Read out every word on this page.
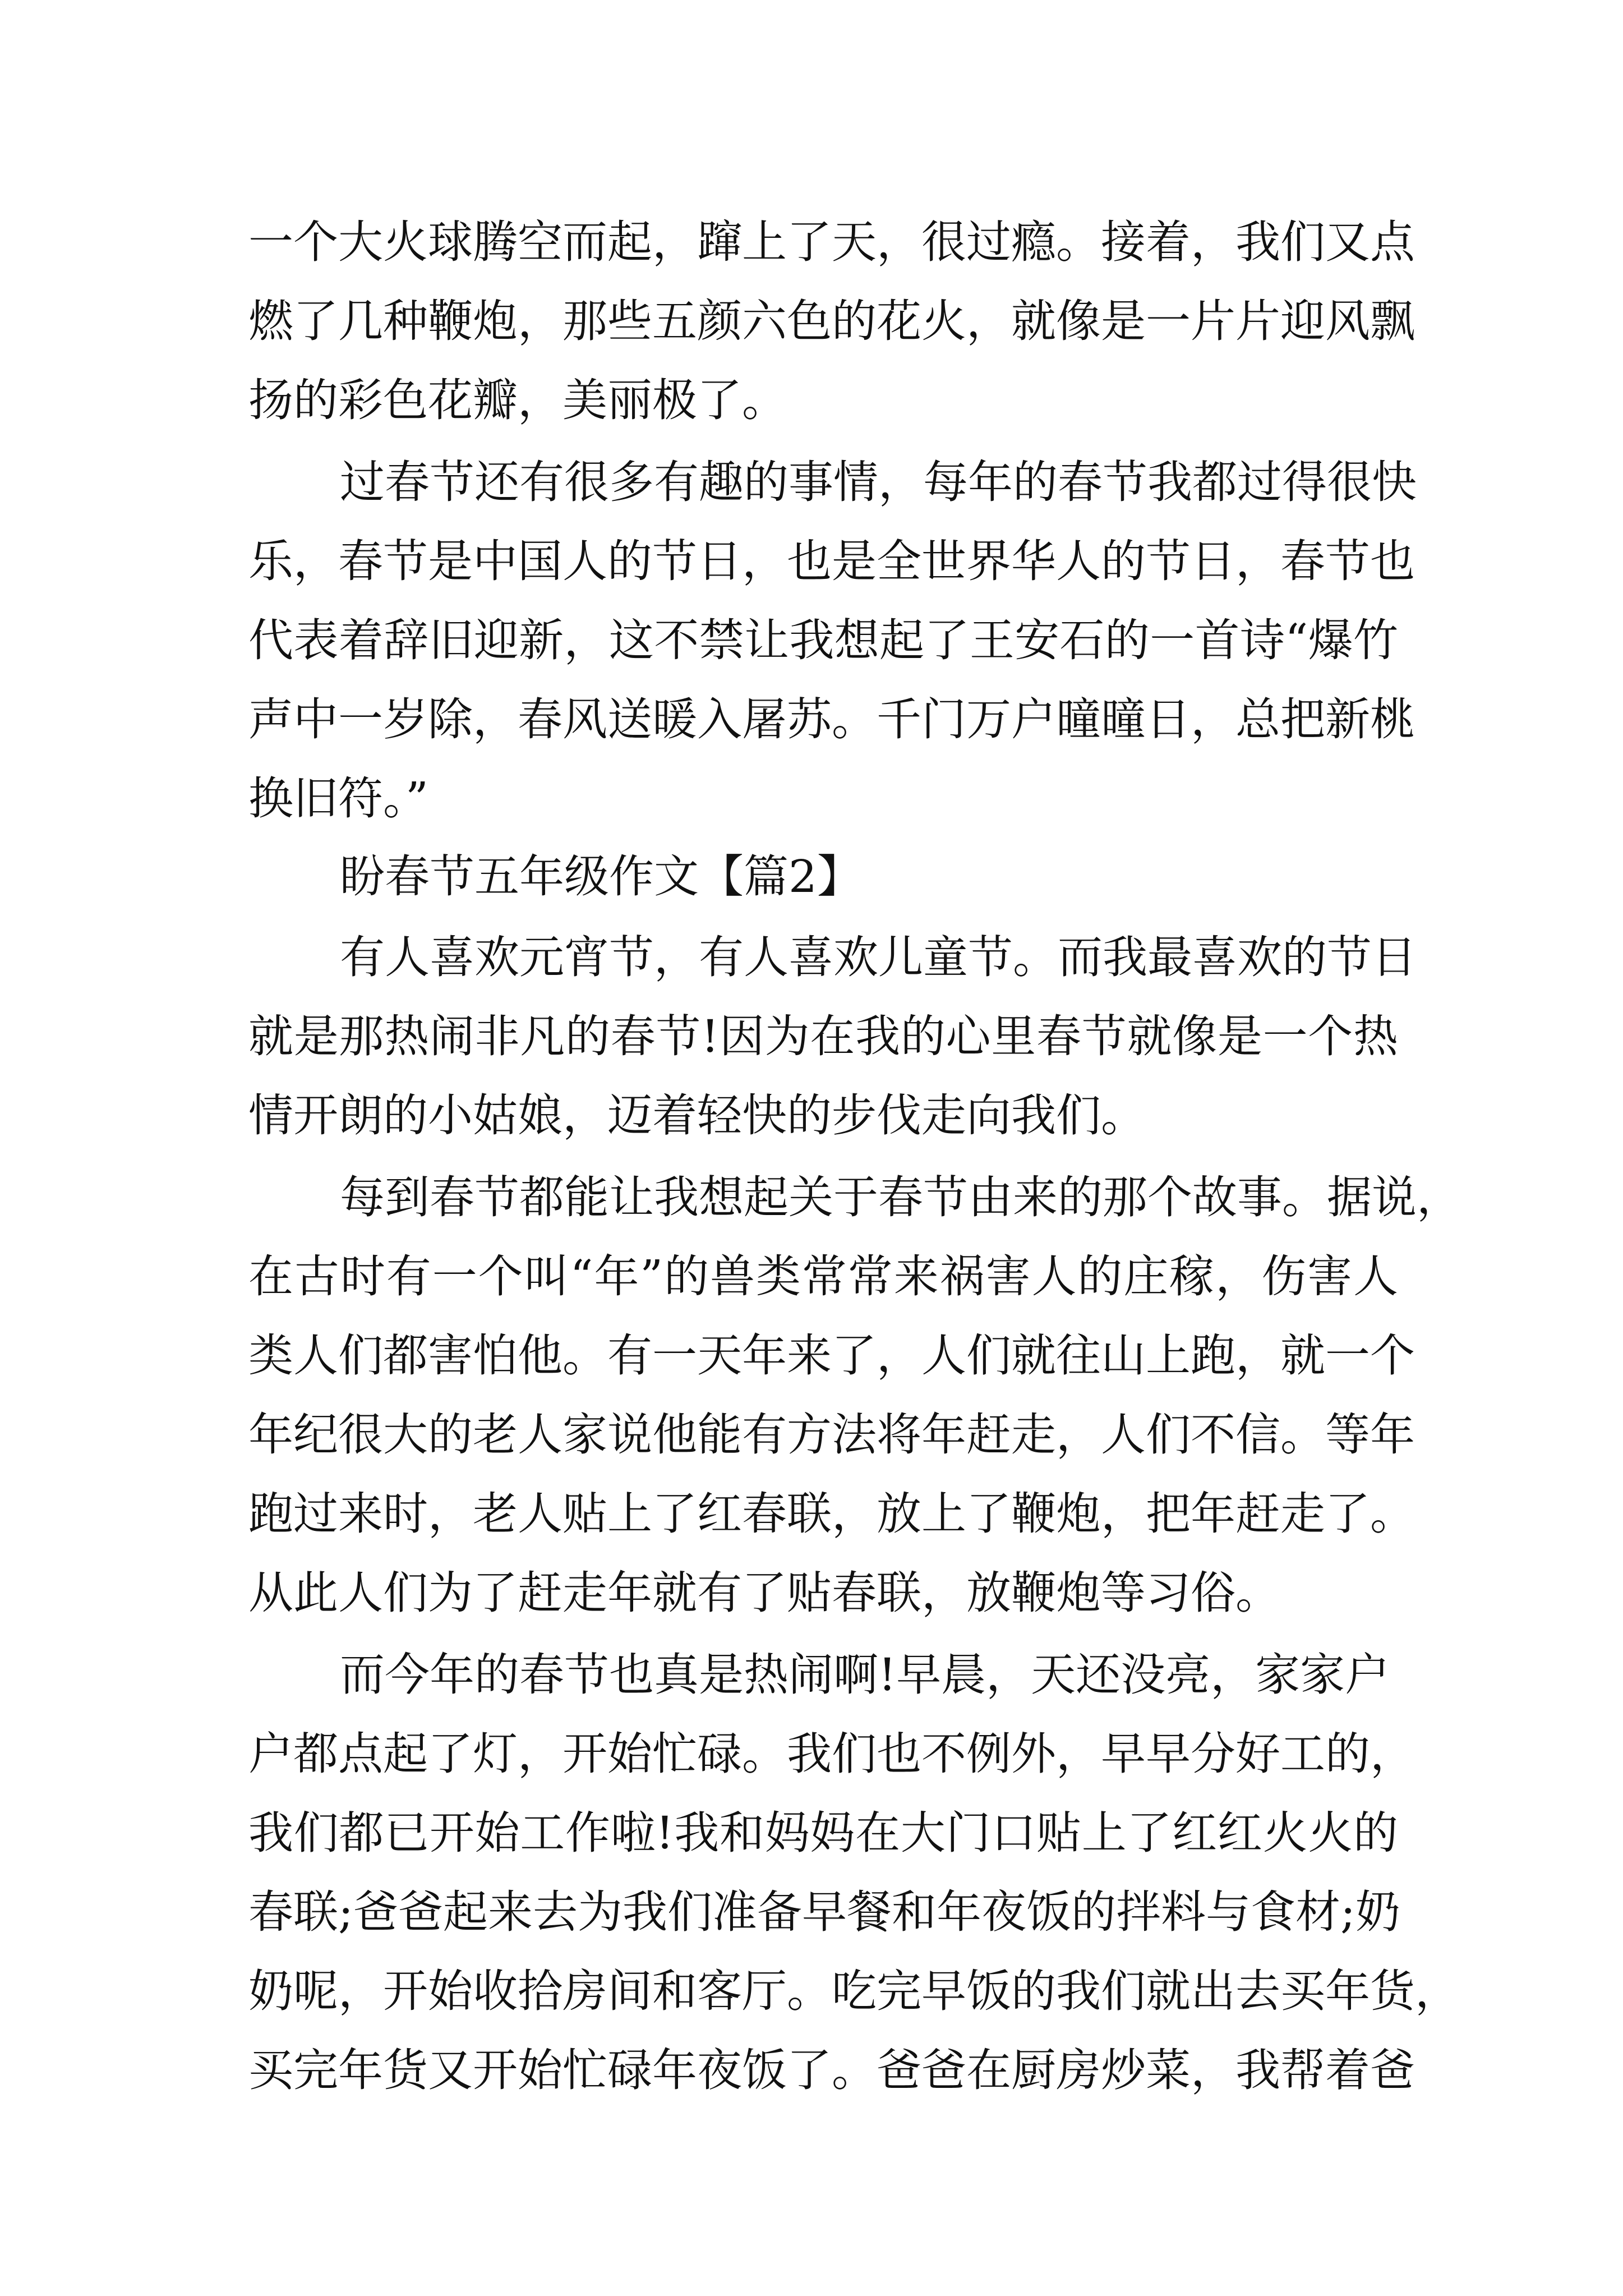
一个大火球腾空而起，蹿上了天，很过瘾。接着，我们又点
燃了几种鞭炮，那些五颜六色的花火，就像是一片片迎风飘
扬的彩色花瓣，美丽极了。
过春节还有很多有趣的事情，每年的春节我都过得很快
乐，春节是中国人的节日，也是全世界华人的节日，春节也
代表着辞旧迎新，这不禁让我想起了王安石的一首诗“爆竹
声中一岁除，春风送暖入屠苏。千门万户曈曈日，总把新桃
换旧符。”
盼春节五年级作文【篇2】
有人喜欢元宵节，有人喜欢儿童节。而我最喜欢的节日
就是那热闹非凡的春节!因为在我的心里春节就像是一个热
情开朗的小姑娘，迈着轻快的步伐走向我们。
每到春节都能让我想起关于春节由来的那个故事。据说，
在古时有一个叫“年”的兽类常常来祸害人的庄稼，伤害人
类人们都害怕他。有一天年来了，人们就往山上跑，就一个
年纪很大的老人家说他能有方法将年赶走，人们不信。等年
跑过来时，老人贴上了红春联，放上了鞭炮，把年赶走了。
从此人们为了赶走年就有了贴春联，放鞭炮等习俗。
而今年的春节也真是热闹啊!早晨，天还没亮，家家户
户都点起了灯，开始忙碌。我们也不例外，早早分好工的，
我们都已开始工作啦!我和妈妈在大门口贴上了红红火火的
春联;爸爸起来去为我们准备早餐和年夜饭的拌料与食材;奶
奶呢，开始收拾房间和客厅。吃完早饭的我们就出去买年货，
买完年货又开始忙碌年夜饭了。爸爸在厨房炒菜，我帮着爸
